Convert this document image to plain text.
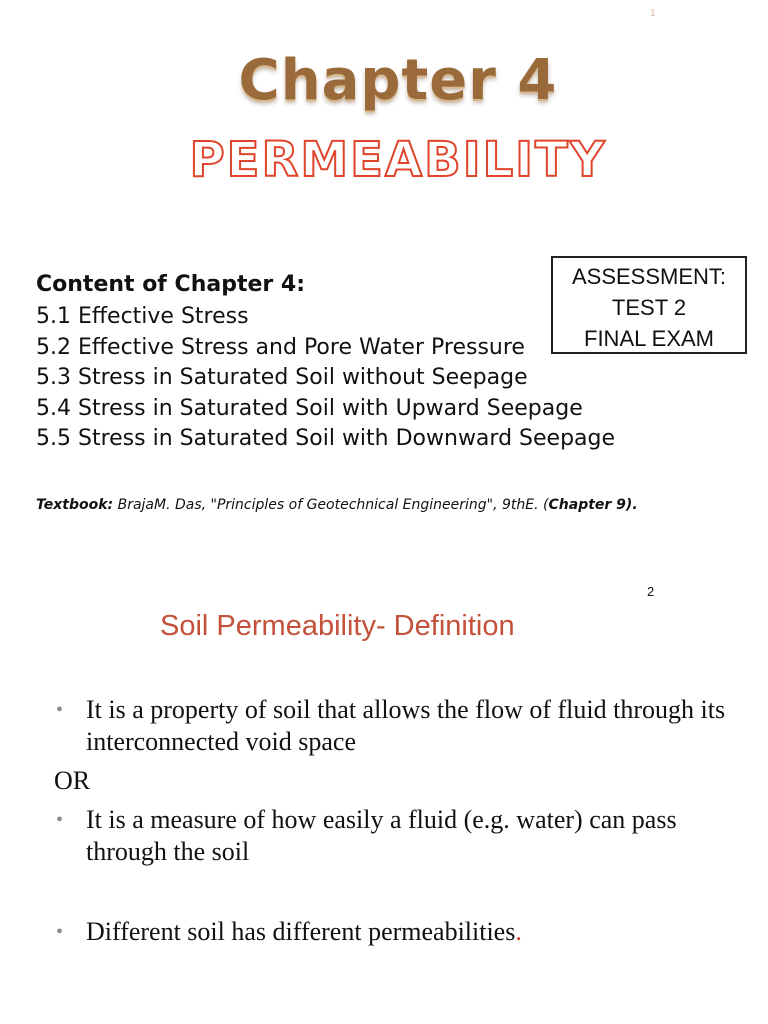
1
Chapter 4
PERMEABILITY
ASSESSMENT:
TEST 2
FINAL EXAM
Content of Chapter 4:
5.1 Effective Stress
5.2 Effective Stress and Pore Water Pressure
5.3 Stress in Saturated Soil without Seepage
5.4 Stress in Saturated Soil with Upward Seepage
5.5 Stress in Saturated Soil with Downward Seepage
Textbook: BrajaM. Das, "Principles of Geotechnical Engineering", 9thE. (Chapter 9).
2
Soil Permeability- Definition
• It is a property of soil that allows the flow of fluid through its interconnected void space
OR
• It is a measure of how easily a fluid (e.g. water) can pass through the soil
• Different soil has different permeabilities.
